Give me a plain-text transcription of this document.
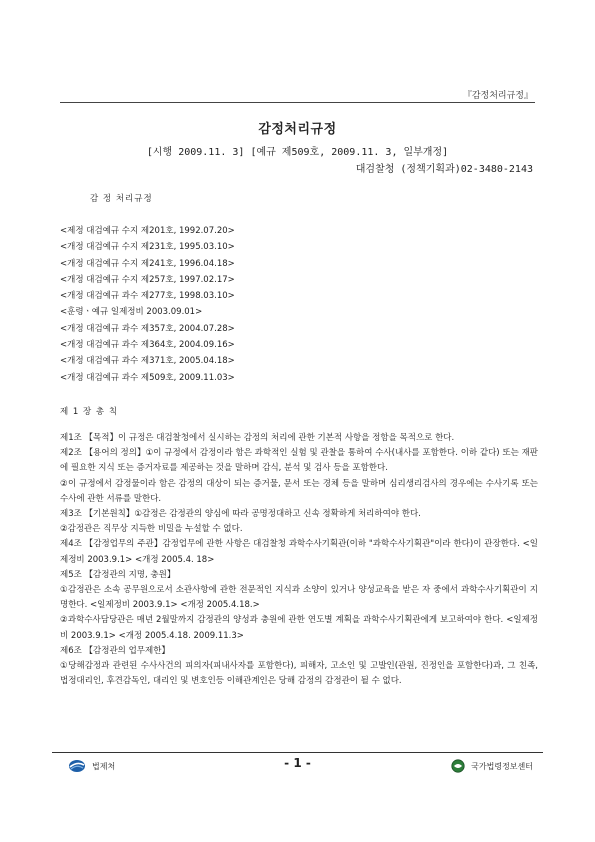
『감정처리규정』
감정처리규정
[시행 2009.11. 3] [예규 제509호, 2009.11. 3, 일부개정]
대검찰청 (정책기획과)02-3480-2143
감 정 처리규정
<제정 대검예규 수지 제201호, 1992.07.20>
<개정 대검예규 수지 제231호, 1995.03.10>
<개정 대검예규 수지 제241호, 1996.04.18>
<개정 대검예규 수지 제257호, 1997.02.17>
<개정 대검예규 과수 제277호, 1998.03.10>
<훈령ㆍ예규 일제정비 2003.09.01>
<개정 대검예규 과수 제357호, 2004.07.28>
<개정 대검예규 과수 제364호, 2004.09.16>
<개정 대검예규 과수 제371호, 2005.04.18>
<개정 대검예규 과수 제509호, 2009.11.03>
제 1 장 총 칙

제1조 【목적】이 규정은 대검찰청에서 실시하는 감정의 처리에 관한 기본적 사항을 정함을 목적으로 한다.

제2조 【용어의 정의】①이 규정에서 감정이라 함은 과학적인 실험 및 관찰을 통하여 수사(내사를 포함한다. 이하 같다) 또는 재판에 필요한 지식 또는 증거자료를 제공하는 것을 말하며 감식, 분석 및 검사 등을 포함한다.

②이 규정에서 감정물이라 함은 감정의 대상이 되는 증거물, 문서 또는 경체 등을 말하며 심리생리검사의 경우에는 수사기록 또는 수사에 관한 서류를 말한다.

제3조 【기본원칙】①감정은 감정관의 양심에 따라 공명정대하고 신속 정확하게 처리하여야 한다.

②감정관은 직무상 지득한 비밀을 누설할 수 없다.

제4조 【감정업무의 주관】감정업무에 관한 사항은 대검찰청 과학수사기획관(이하 "과학수사기획관"이라 한다)이 관장한다. <일제정비 2003.9.1> <개정 2005.4. 18>

제5조 【감정관의 지명, 충원】

①감정관은 소속 공무원으로서 소관사항에 관한 전문적인 지식과 소양이 있거나 양성교육을 받은 자 중에서 과학수사기획관이 지명한다. <일제정비 2003.9.1> <개정 2005.4.18.>

②과학수사담당관은 매년 2월말까지 감정관의 양성과 충원에 관한 연도별 계획을 과학수사기획관에게 보고하여야 한다. <일제정비 2003.9.1> <개정 2005.4.18. 2009.11.3>

제6조 【감정관의 업무제한】

①당해감정과 관련된 수사사건의 피의자(피내사자를 포함한다), 피해자, 고소인 및 고발인(관원, 진정인을 포함한다)과, 그 친족, 법정대리인, 후견감독인, 대리인 및 변호인등 이해관계인은 당해 감정의 감정관이 될 수 없다.

법제처	- 1 -	국가법령정보센터
